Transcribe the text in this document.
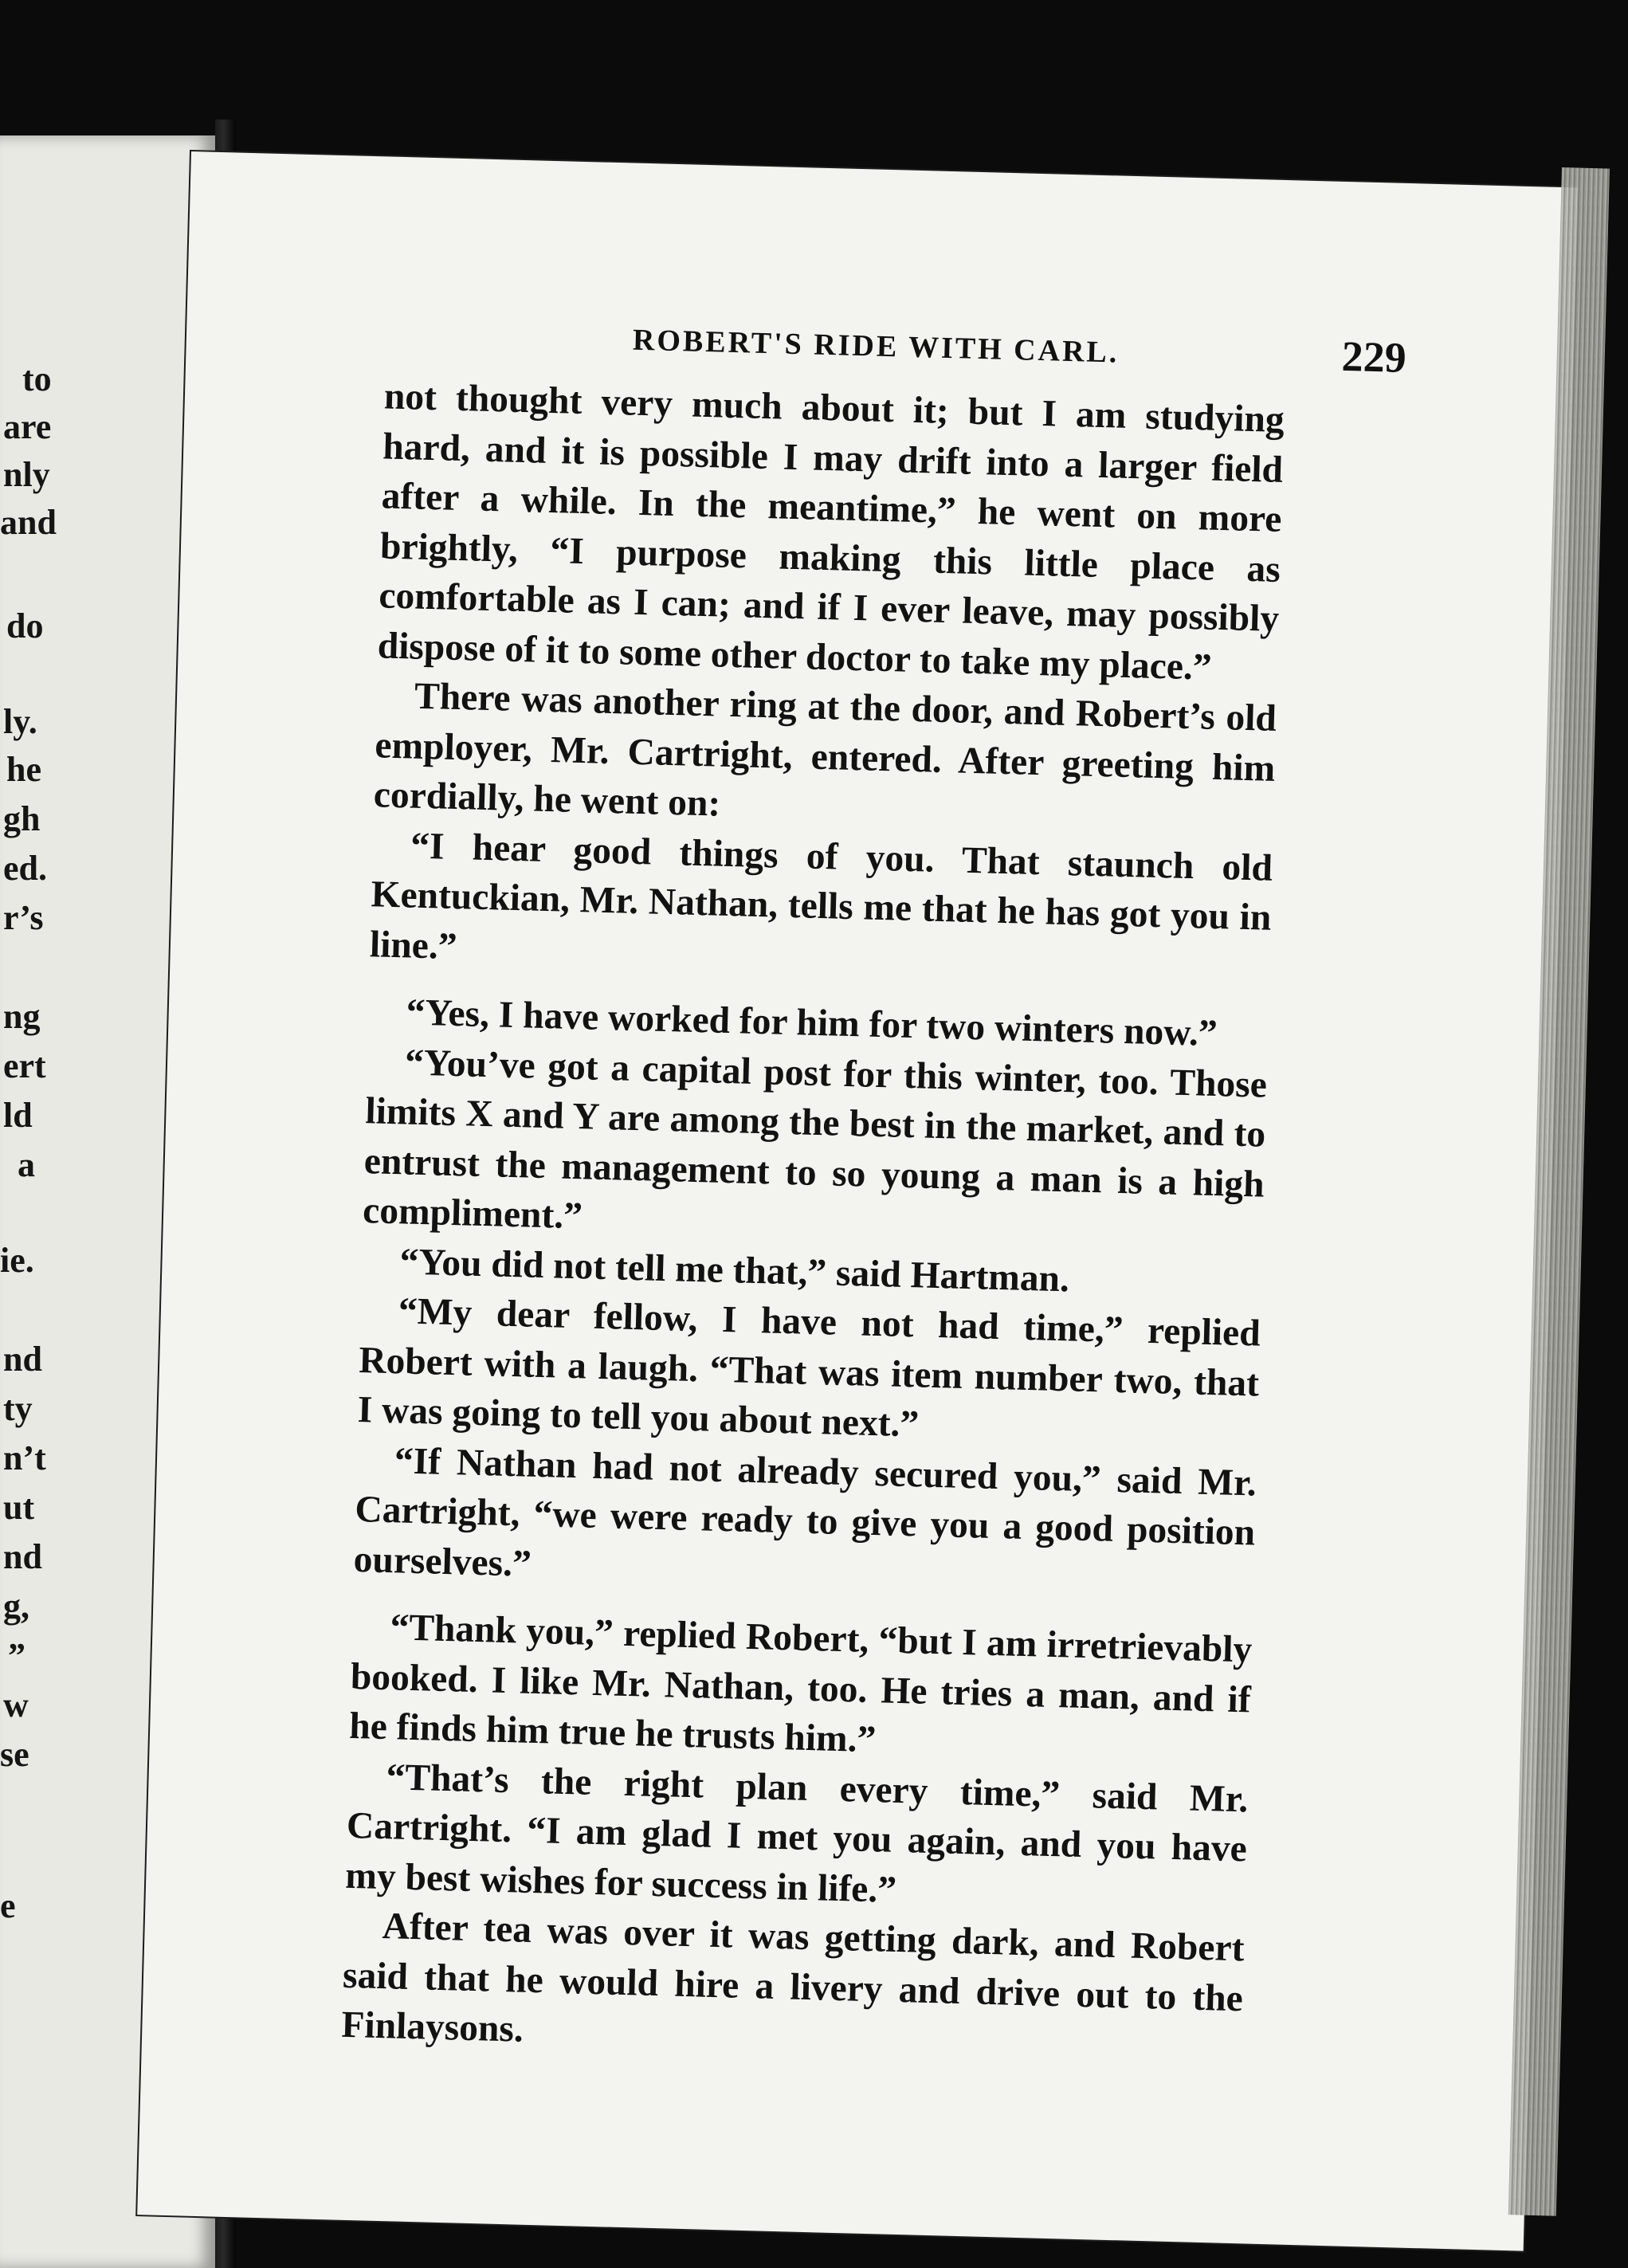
to
are
nly
and
do
ly.
he
gh
ed.
r’s
ng
ert
ld
a
ie.
nd
ty
n’t
ut
nd
g,
”
w
se
e
ROBERT'S RIDE WITH CARL.	229

not thought very much about it; but I am studying hard, and it is possible I may drift into a larger field after a while. In the meantime,” he went on more brightly, “I purpose making this little place as comfortable as I can; and if I ever leave, may possibly dispose of it to some other doctor to take my place.”

There was another ring at the door, and Robert’s old employer, Mr. Cartright, entered. After greeting him cordially, he went on:

“I hear good things of you. That staunch old Kentuckian, Mr. Nathan, tells me that he has got you in line.”

“Yes, I have worked for him for two winters now.”

“You’ve got a capital post for this winter, too. Those limits X and Y are among the best in the market, and to entrust the management to so young a man is a high compliment.”

“You did not tell me that,” said Hartman.

“My dear fellow, I have not had time,” replied Robert with a laugh. “That was item number two, that I was going to tell you about next.”

“If Nathan had not already secured you,” said Mr. Cartright, “we were ready to give you a good position ourselves.”

“Thank you,” replied Robert, “but I am irretrievably booked. I like Mr. Nathan, too. He tries a man, and if he finds him true he trusts him.”

“That’s the right plan every time,” said Mr. Cartright. “I am glad I met you again, and you have my best wishes for success in life.”

After tea was over it was getting dark, and Robert said that he would hire a livery and drive out to the Finlaysons.
